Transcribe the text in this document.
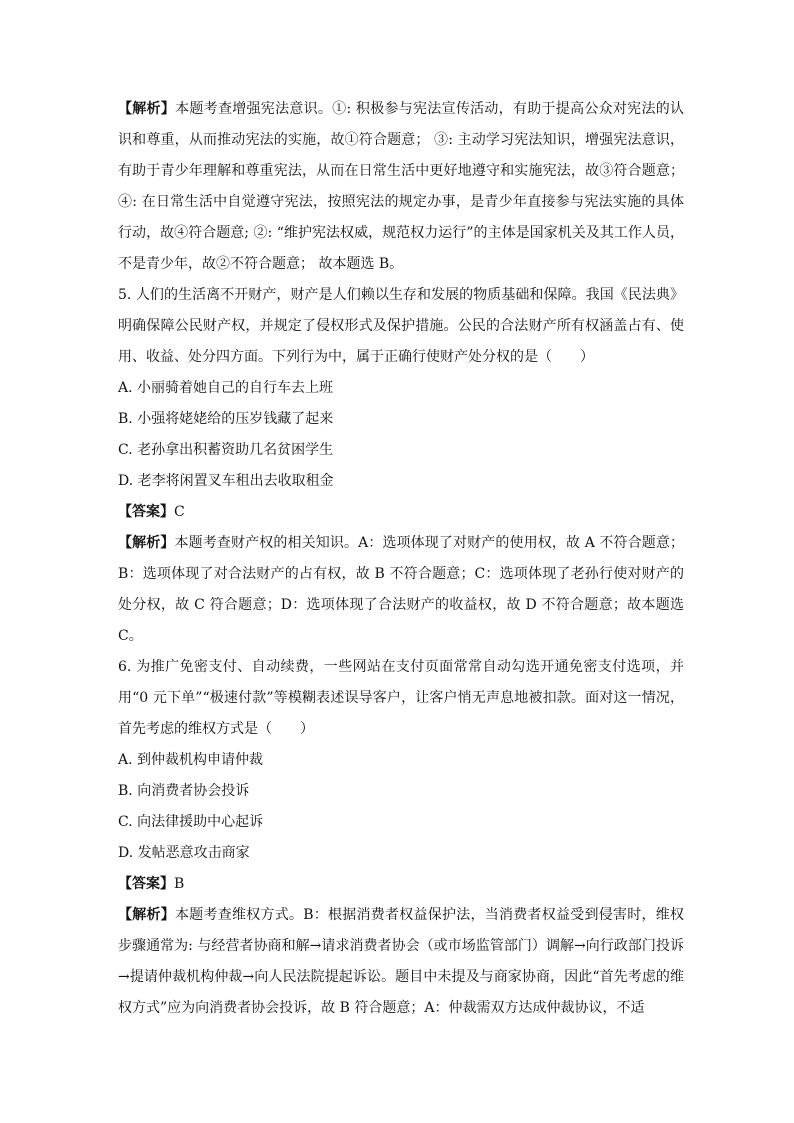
【解析】本题考查增强宪法意识。①: 积极参与宪法宣传活动，有助于提高公众对宪法的认识和尊重，从而推动宪法的实施，故①符合题意； ③: 主动学习宪法知识，增强宪法意识，有助于青少年理解和尊重宪法，从而在日常生活中更好地遵守和实施宪法，故③符合题意；④: 在日常生活中自觉遵守宪法，按照宪法的规定办事，是青少年直接参与宪法实施的具体行动，故④符合题意; ②: “维护宪法权威，规范权力运行”的主体是国家机关及其工作人员，不是青少年，故②不符合题意； 故本题选 B。

5. 人们的生活离不开财产，财产是人们赖以生存和发展的物质基础和保障。我国《民法典》明确保障公民财产权，并规定了侵权形式及保护措施。公民的合法财产所有权涵盖占有、使用、收益、处分四方面。下列行为中，属于正确行使财产处分权的是（　　）

A. 小丽骑着她自己的自行车去上班

B. 小强将姥姥给的压岁钱藏了起来

C. 老孙拿出积蓄资助几名贫困学生

D. 老李将闲置叉车租出去收取租金

【答案】C

【解析】本题考查财产权的相关知识。A：选项体现了对财产的使用权，故 A 不符合题意；B：选项体现了对合法财产的占有权，故 B 不符合题意；C：选项体现了老孙行使对财产的处分权，故 C 符合题意；D：选项体现了合法财产的收益权，故 D 不符合题意；故本题选 C。

6. 为推广免密支付、自动续费，一些网站在支付页面常常自动勾选开通免密支付选项，并用“0 元下单”“极速付款”等模糊表述误导客户，让客户悄无声息地被扣款。面对这一情况，首先考虑的维权方式是（　　）

A. 到仲裁机构申请仲裁

B. 向消费者协会投诉

C. 向法律援助中心起诉

D. 发帖恶意攻击商家

【答案】B

【解析】本题考查维权方式。B：根据消费者权益保护法，当消费者权益受到侵害时，维权步骤通常为: 与经营者协商和解→请求消费者协会（或市场监管部门）调解→向行政部门投诉→提请仲裁机构仲裁→向人民法院提起诉讼。题目中未提及与商家协商，因此“首先考虑的维权方式”应为向消费者协会投诉，故 B 符合题意；A：仲裁需双方达成仲裁协议，不适
